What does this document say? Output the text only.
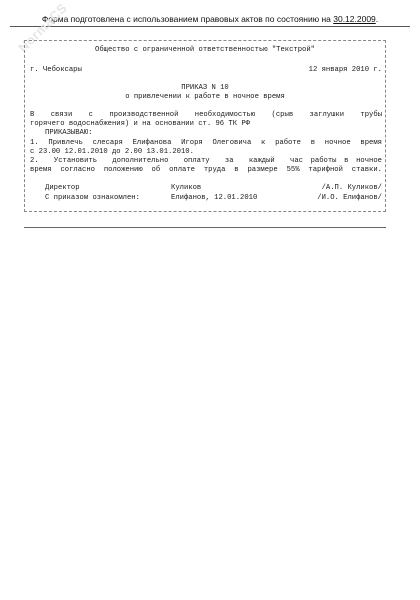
Форма подготовлена с использованием правовых актов по состоянию на 30.12.2009.
NormaCS	Общество с ограниченной ответственностью "Текстрой"
г. Чебоксары	12 января 2010 г.
ПРИКАЗ N 10
о привлечении к работе в ночное время
В  связи  с  производственной  необходимостью  (срыв  заглушки  трубы
горячего водоснабжения) и на основании ст. 96 ТК РФ
ПРИКАЗЫВАЮ:
1. Привлечь слесаря Елифанова Игоря Олеговича к работе в ночное время
с 23.00 12.01.2010 до 2.00 13.01.2010.
2.  Установить  дополнительно  оплату  за  каждый  час работы в ночное
время согласно положению об оплате труда в размере 55% тарифной ставки.
Директор	Куликов	/А.П. Куликов/
С приказом ознакомлен:	Елифанов, 12.01.2010	/И.О. Елифанов/
